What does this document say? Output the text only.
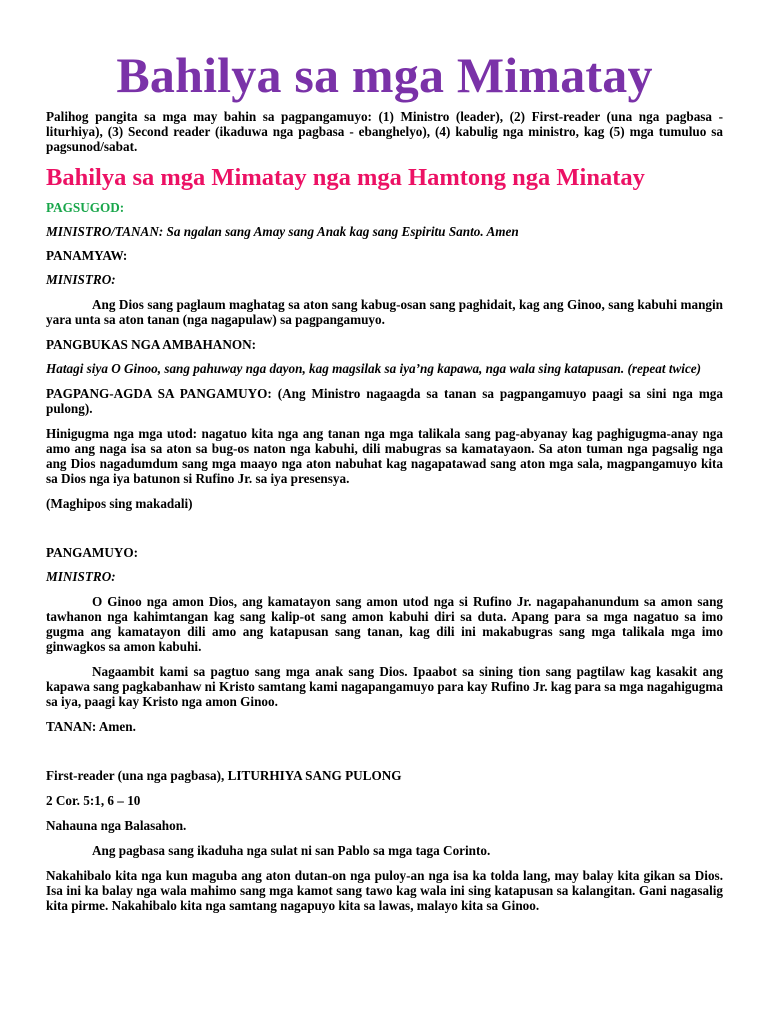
Bahilya sa mga Mimatay

Palihog pangita sa mga may bahin sa pagpangamuyo: (1) Ministro (leader), (2) First-reader (una nga pagbasa - liturhiya), (3) Second reader (ikaduwa nga pagbasa - ebanghelyo), (4) kabulig nga ministro, kag (5) mga tumuluo sa pagsunod/sabat.

Bahilya sa mga Mimatay nga mga Hamtong nga Minatay

PAGSUGOD:

MINISTRO/TANAN: Sa ngalan sang Amay sang Anak kag sang Espiritu Santo. Amen

PANAMYAW:

MINISTRO:

Ang Dios sang paglaum maghatag sa aton sang kabug-osan sang paghidait, kag ang Ginoo, sang kabuhi mangin yara unta sa aton tanan (nga nagapulaw) sa pagpangamuyo.

PANGBUKAS NGA AMBAHANON:

Hatagi siya O Ginoo, sang pahuway nga dayon, kag magsilak sa iya’ng kapawa, nga wala sing katapusan. (repeat twice)

PAGPANG-AGDA SA PANGAMUYO: (Ang Ministro nagaagda sa tanan sa pagpangamuyo paagi sa sini nga mga pulong).

Hinigugma nga mga utod: nagatuo kita nga ang tanan nga mga talikala sang pag-abyanay kag paghigugma-anay nga amo ang naga isa sa aton sa bug-os naton nga kabuhi, dili mabugras sa kamatayaon. Sa aton tuman nga pagsalig nga ang Dios nagadumdum sang mga maayo nga aton nabuhat kag nagapatawad sang aton mga sala, magpangamuyo kita sa Dios nga iya batunon si Rufino Jr. sa iya presensya.

(Maghipos sing makadali)

PANGAMUYO:

MINISTRO:

O Ginoo nga amon Dios, ang kamatayon sang amon utod nga si Rufino Jr. nagapahanundum sa amon sang tawhanon nga kahimtangan kag sang kalip-ot sang amon kabuhi diri sa duta. Apang para sa mga nagatuo sa imo gugma ang kamatayon dili amo ang katapusan sang tanan, kag dili ini makabugras sang mga talikala mga imo ginwagkos sa amon kabuhi.

Nagaambit kami sa pagtuo sang mga anak sang Dios. Ipaabot sa sining tion sang pagtilaw kag kasakit ang kapawa sang pagkabanhaw ni Kristo samtang kami nagapangamuyo para kay Rufino Jr. kag para sa mga nagahigugma sa iya, paagi kay Kristo nga amon Ginoo.

TANAN: Amen.

First-reader (una nga pagbasa), LITURHIYA SANG PULONG

2 Cor. 5:1, 6 – 10

Nahauna nga Balasahon.

Ang pagbasa sang ikaduha nga sulat ni san Pablo sa mga taga Corinto.

Nakahibalo kita nga kun maguba ang aton dutan-on nga puloy-an nga isa ka tolda lang, may balay kita gikan sa Dios. Isa ini ka balay nga wala mahimo sang mga kamot sang tawo kag wala ini sing katapusan sa kalangitan. Gani nagasalig kita pirme. Nakahibalo kita nga samtang nagapuyo kita sa lawas, malayo kita sa Ginoo.
